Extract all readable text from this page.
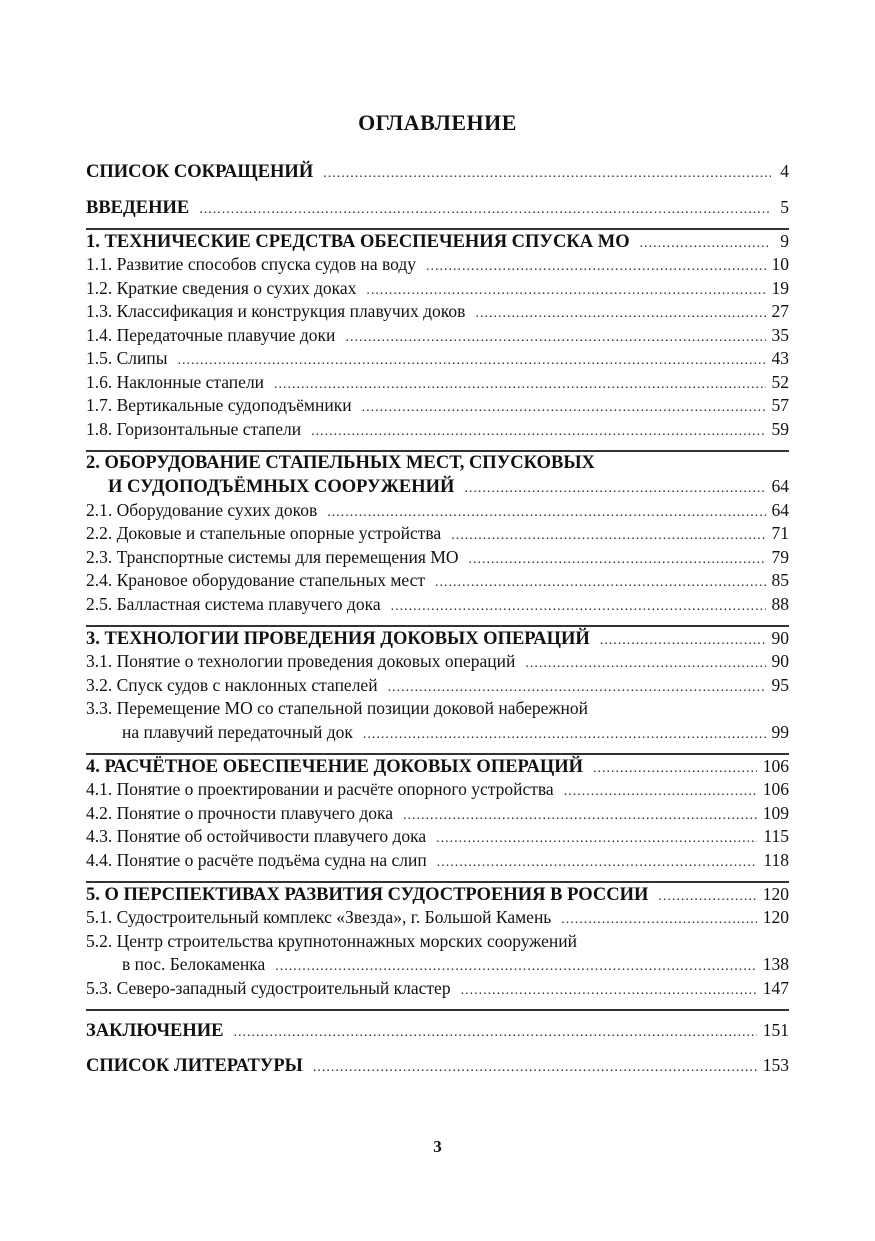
ОГЛАВЛЕНИЕ
СПИСОК СОКРАЩЕНИЙ .....	4
ВВЕДЕНИЕ .....	5
1. ТЕХНИЧЕСКИЕ СРЕДСТВА ОБЕСПЕЧЕНИЯ СПУСКА МО .....	9
1.1. Развитие способов спуска судов на воду .....	10
1.2. Краткие сведения о сухих доках .....	19
1.3. Классификация и конструкция плавучих доков .....	27
1.4. Передаточные плавучие доки .....	35
1.5. Слипы .....	43
1.6. Наклонные стапели .....	52
1.7. Вертикальные судоподъёмники .....	57
1.8. Горизонтальные стапели .....	59
2. ОБОРУДОВАНИЕ СТАПЕЛЬНЫХ МЕСТ, СПУСКОВЫХ
И СУДОПОДЪЁМНЫХ СООРУЖЕНИЙ .....	64
2.1. Оборудование сухих доков .....	64
2.2. Доковые и стапельные опорные устройства .....	71
2.3. Транспортные системы для перемещения МО .....	79
2.4. Крановое оборудование стапельных мест .....	85
2.5. Балластная система плавучего дока .....	88
3. ТЕХНОЛОГИИ ПРОВЕДЕНИЯ ДОКОВЫХ ОПЕРАЦИЙ .....	90
3.1. Понятие о технологии проведения доковых операций .....	90
3.2. Спуск судов с наклонных стапелей .....	95
3.3. Перемещение МО со стапельной позиции доковой набережной
на плавучий передаточный док .....	99
4. РАСЧЁТНОЕ ОБЕСПЕЧЕНИЕ ДОКОВЫХ ОПЕРАЦИЙ .....	106
4.1. Понятие о проектировании и расчёте опорного устройства .....	106
4.2. Понятие о прочности плавучего дока .....	109
4.3. Понятие об остойчивости плавучего дока .....	115
4.4. Понятие о расчёте подъёма судна на слип .....	118
5. О ПЕРСПЕКТИВАХ РАЗВИТИЯ СУДОСТРОЕНИЯ В РОССИИ .....	120
5.1. Судостроительный комплекс «Звезда», г. Большой Камень .....	120
5.2. Центр строительства крупнотоннажных морских сооружений
в пос. Белокаменка .....	138
5.3. Северо-западный судостроительный кластер .....	147
ЗАКЛЮЧЕНИЕ .....	151
СПИСОК ЛИТЕРАТУРЫ .....	153
3
